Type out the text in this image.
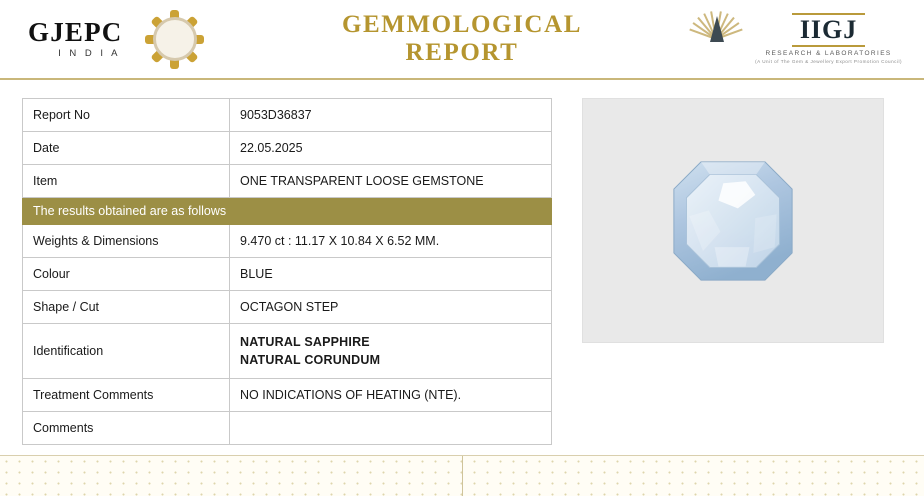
GJEPC
I N D I A
GEMMOLOGICAL REPORT
IIGJ
RESEARCH & LABORATORIES
(A Unit of The Gem & Jewellery Export Promotion Council)
Report No	9053D36837
Date	22.05.2025
Item	ONE TRANSPARENT LOOSE GEMSTONE
The results obtained are as follows	
Weights & Dimensions	9.470 ct : 11.17 X 10.84 X 6.52 MM.
Colour	BLUE
Shape / Cut	OCTAGON STEP
Identification	NATURAL SAPPHIRE
NATURAL CORUNDUM

Treatment Comments	NO INDICATIONS OF HEATING (NTE).
Comments	
